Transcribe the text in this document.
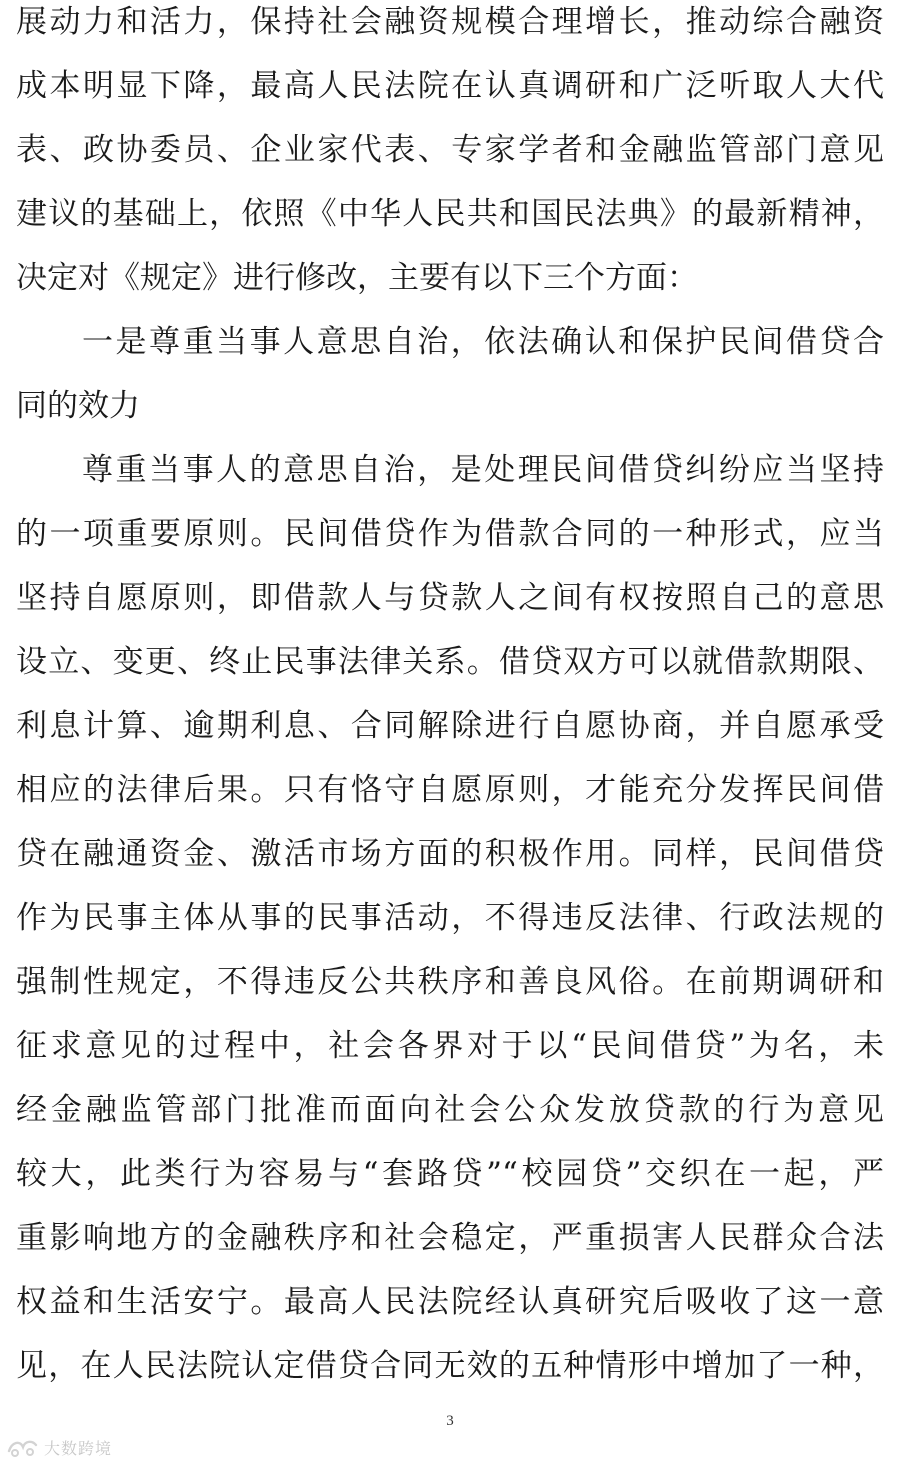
展动力和活力，保持社会融资规模合理增长，推动综合融资
成本明显下降，最高人民法院在认真调研和广泛听取人大代
表、政协委员、企业家代表、专家学者和金融监管部门意见
建议的基础上，依照《中华人民共和国民法典》的最新精神，
决定对《规定》进行修改，主要有以下三个方面：
一是尊重当事人意思自治，依法确认和保护民间借贷合
同的效力
尊重当事人的意思自治，是处理民间借贷纠纷应当坚持
的一项重要原则。民间借贷作为借款合同的一种形式，应当
坚持自愿原则，即借款人与贷款人之间有权按照自己的意思
设立、变更、终止民事法律关系。借贷双方可以就借款期限、
利息计算、逾期利息、合同解除进行自愿协商，并自愿承受
相应的法律后果。只有恪守自愿原则，才能充分发挥民间借
贷在融通资金、激活市场方面的积极作用。同样，民间借贷
作为民事主体从事的民事活动，不得违反法律、行政法规的
强制性规定，不得违反公共秩序和善良风俗。在前期调研和
征求意见的过程中，社会各界对于以“民间借贷”为名，未
经金融监管部门批准而面向社会公众发放贷款的行为意见
较大，此类行为容易与“套路贷”“校园贷”交织在一起，严
重影响地方的金融秩序和社会稳定，严重损害人民群众合法
权益和生活安宁。最高人民法院经认真研究后吸收了这一意
见，在人民法院认定借贷合同无效的五种情形中增加了一种，
3
大数跨境
